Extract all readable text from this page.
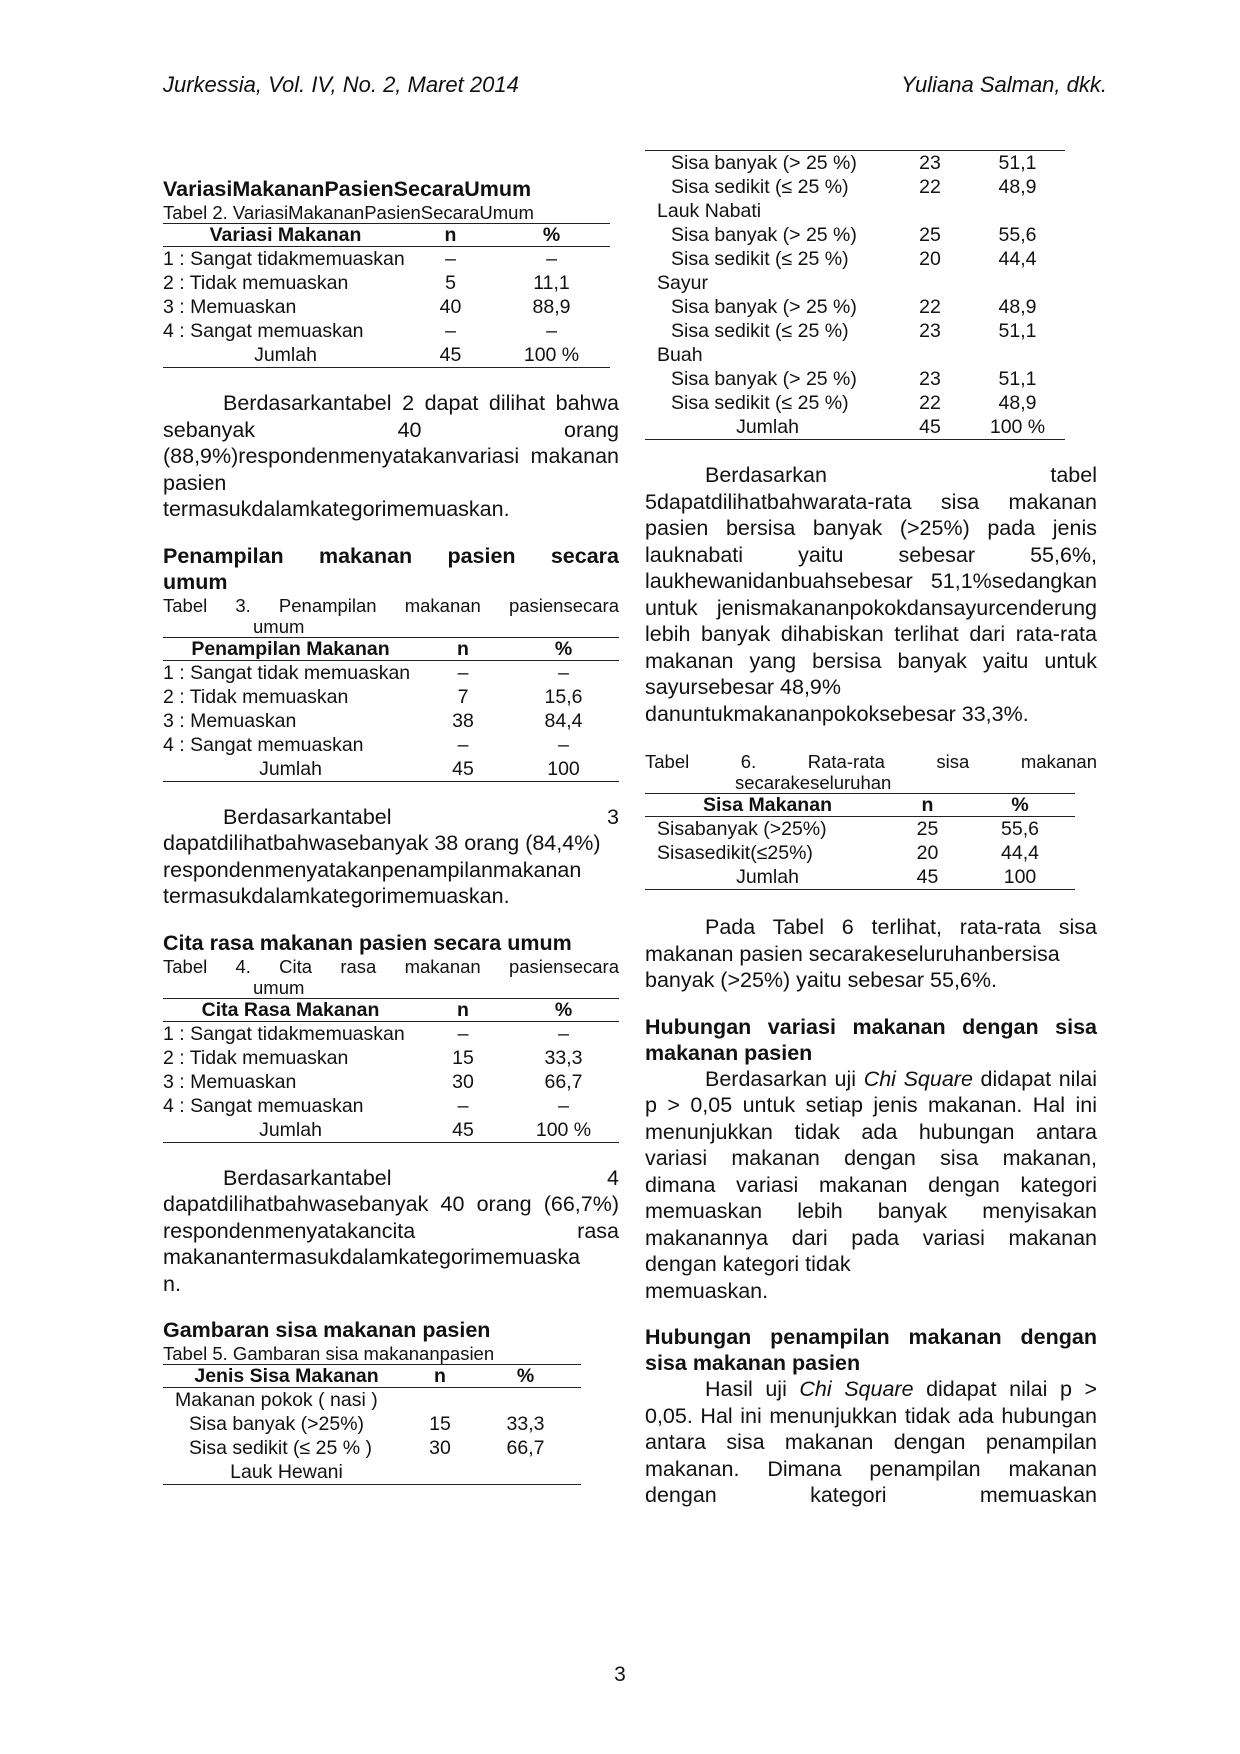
Jurkessia, Vol. IV, No. 2, Maret 2014	Yuliana Salman, dkk.
VariasiMakananPasienSecaraUmum
Tabel 2. VariasiMakananPasienSecaraUmum
Variasi Makanan	n	%
1 : Sangat tidakmemuaskan	–	–
2 : Tidak memuaskan	5	11,1
3 : Memuaskan	40	88,9
4 : Sangat memuaskan	–	–
Jumlah	45	100 %

Berdasarkantabel 2 dapat dilihat bahwa sebanyak 40 orang (88,9%)respondenmenyatakanvariasi makanan pasien
termasukdalamkategorimemuaskan.

Penampilan makanan pasien secara
umum
Tabel 3. Penampilan makanan pasiensecara
umum
Penampilan Makanan	n	%
1 : Sangat tidak memuaskan	–	–
2 : Tidak memuaskan	7	15,6
3 : Memuaskan	38	84,4
4 : Sangat memuaskan	–	–
Jumlah	45	100

Berdasarkantabel 3 dapatdilihatbahwasebanyak 38 orang (84,4%)
respondenmenyatakanpenampilanmakanan
termasukdalamkategorimemuaskan.

Cita rasa makanan pasien secara umum
Tabel 4. Cita rasa makanan pasiensecara
umum
Cita Rasa Makanan	n	%
1 : Sangat tidakmemuaskan	–	–
2 : Tidak memuaskan	15	33,3
3 : Memuaskan	30	66,7
4 : Sangat memuaskan	–	–
Jumlah	45	100 %

Berdasarkantabel 4 dapatdilihatbahwasebanyak 40 orang (66,7%) respondenmenyatakancita rasa makanantermasukdalamkategorimemuaska
n.

Gambaran sisa makanan pasien
Tabel 5. Gambaran sisa makananpasien
Jenis Sisa Makanan	n	%
Makanan pokok ( nasi )		
Sisa banyak (>25%)	15	33,3
Sisa sedikit (≤ 25 % )	30	66,7
Lauk Hewani		
Sisa banyak (> 25 %)	23	51,1
Sisa sedikit (≤ 25 %)	22	48,9
Lauk Nabati		
Sisa banyak (> 25 %)	25	55,6
Sisa sedikit (≤ 25 %)	20	44,4
Sayur		
Sisa banyak (> 25 %)	22	48,9
Sisa sedikit (≤ 25 %)	23	51,1
Buah		
Sisa banyak (> 25 %)	23	51,1
Sisa sedikit (≤ 25 %)	22	48,9
Jumlah	45	100 %

Berdasarkan tabel 5dapatdilihatbahwarata-rata sisa makanan pasien bersisa banyak (>25%) pada jenis lauknabati yaitu sebesar 55,6%, laukhewanidanbuahsebesar 51,1%sedangkan untuk jenismakananpokokdansayurcenderung lebih banyak dihabiskan terlihat dari rata-rata makanan yang bersisa banyak yaitu untuk sayursebesar 48,9%
danuntukmakananpokoksebesar 33,3%.

Tabel 6. Rata-rata sisa makanan
secarakeseluruhan
Sisa Makanan	n	%
Sisabanyak (>25%)	25	55,6
Sisasedikit(≤25%)	20	44,4
Jumlah	45	100

Pada Tabel 6 terlihat, rata-rata sisa makanan pasien secarakeseluruhanbersisa
banyak (>25%) yaitu sebesar 55,6%.

Hubungan variasi makanan dengan sisa
makanan pasien

Berdasarkan uji Chi Square didapat nilai p > 0,05 untuk setiap jenis makanan. Hal ini menunjukkan tidak ada hubungan antara variasi makanan dengan sisa makanan, dimana variasi makanan dengan kategori memuaskan lebih banyak menyisakan makanannya dari pada variasi makanan dengan kategori tidak
memuaskan.

Hubungan penampilan makanan dengan
sisa makanan pasien

Hasil uji Chi Square didapat nilai p > 0,05. Hal ini menunjukkan tidak ada hubungan antara sisa makanan dengan penampilan makanan. Dimana penampilan makanan dengan kategori memuaskan

3
